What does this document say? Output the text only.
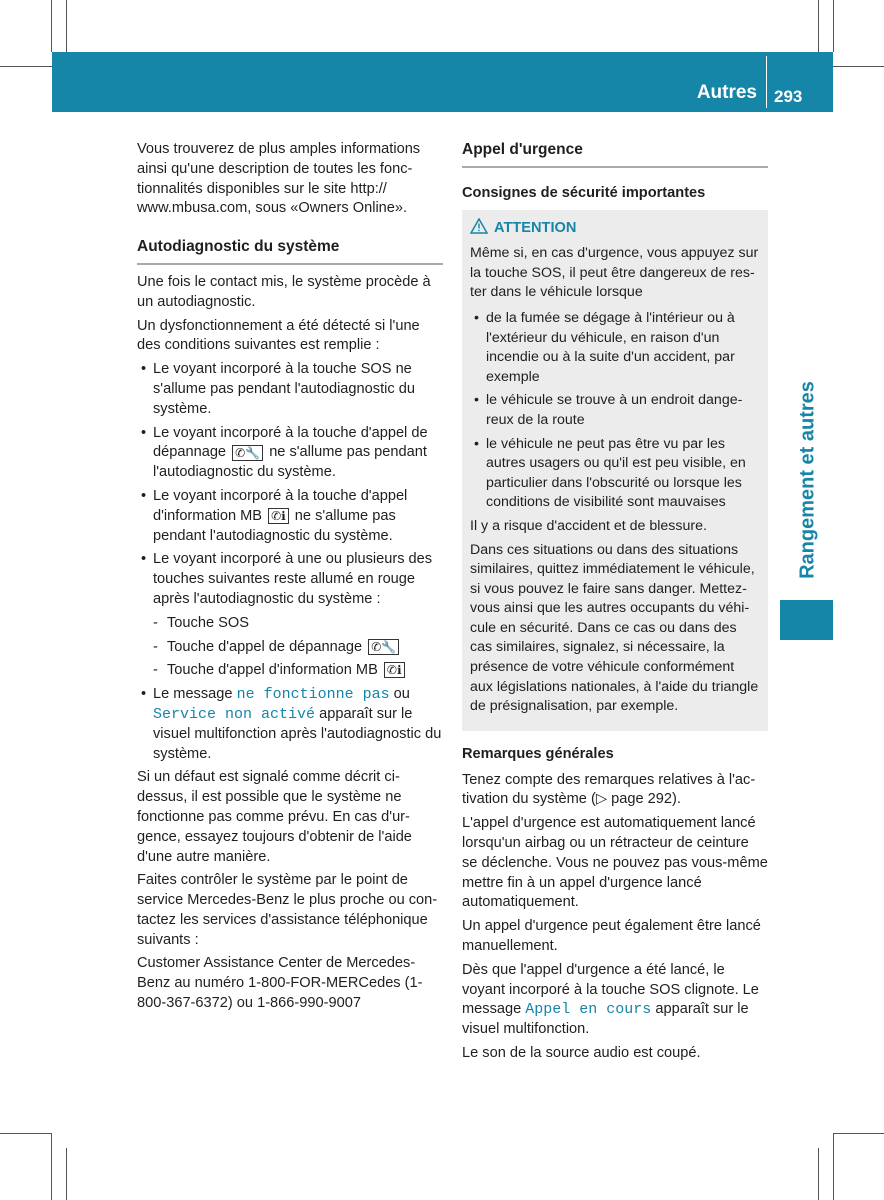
Autres 293
Rangement et autres

Vous trouverez de plus amples informations ainsi qu'une description de toutes les fonctionnalités disponibles sur le site http:// www.mbusa.com, sous «Owners Online».

Autodiagnostic du système

Une fois le contact mis, le système procède à un autodiagnostic.

Un dysfonctionnement a été détecté si l'une des conditions suivantes est remplie :

• Le voyant incorporé à la touche SOS ne s'allume pas pendant l'autodiagnostic du système.
• Le voyant incorporé à la touche d'appel de dépannage ✆🔧 ne s'allume pas pendant l'autodiagnostic du système.
• Le voyant incorporé à la touche d'appel d'information MB ✆ℹ ne s'allume pas pendant l'autodiagnostic du système.
• Le voyant incorporé à une ou plusieurs des touches suivantes reste allumé en rouge après l'autodiagnostic du système :
- Touche SOS
- Touche d'appel de dépannage ✆🔧
- Touche d'appel d'information MB ✆ℹ
• Le message ne fonctionne pas ou Service non activé apparaît sur le visuel multifonction après l'autodiagnostic du système.

Si un défaut est signalé comme décrit ci-dessus, il est possible que le système ne fonctionne pas comme prévu. En cas d'urgence, essayez toujours d'obtenir de l'aide d'une autre manière.

Faites contrôler le système par le point de service Mercedes-Benz le plus proche ou contactez les services d'assistance téléphonique suivants :

Customer Assistance Center de Mercedes-Benz au numéro 1-800-FOR-MERCedes (1-800-367-6372) ou 1-866-990-9007

Appel d'urgence
Consignes de sécurité importantes
ATTENTION

Même si, en cas d'urgence, vous appuyez sur la touche SOS, il peut être dangereux de rester dans le véhicule lorsque

• de la fumée se dégage à l'intérieur ou à l'extérieur du véhicule, en raison d'un incendie ou à la suite d'un accident, par exemple
• le véhicule se trouve à un endroit dangereux de la route
• le véhicule ne peut pas être vu par les autres usagers ou qu'il est peu visible, en particulier dans l'obscurité ou lorsque les conditions de visibilité sont mauvaises

Il y a risque d'accident et de blessure.

Dans ces situations ou dans des situations similaires, quittez immédiatement le véhicule, si vous pouvez le faire sans danger. Mettez-vous ainsi que les autres occupants du véhicule en sécurité. Dans ce cas ou dans des cas similaires, signalez, si nécessaire, la présence de votre véhicule conformément aux législations nationales, à l'aide du triangle de présignalisation, par exemple.

Remarques générales

Tenez compte des remarques relatives à l'activation du système (▷ page 292).

L'appel d'urgence est automatiquement lancé lorsqu'un airbag ou un rétracteur de ceinture se déclenche. Vous ne pouvez pas vous-même mettre fin à un appel d'urgence lancé automatiquement.

Un appel d'urgence peut également être lancé manuellement.

Dès que l'appel d'urgence a été lancé, le voyant incorporé à la touche SOS clignote. Le message Appel en cours apparaît sur le visuel multifonction.

Le son de la source audio est coupé.
